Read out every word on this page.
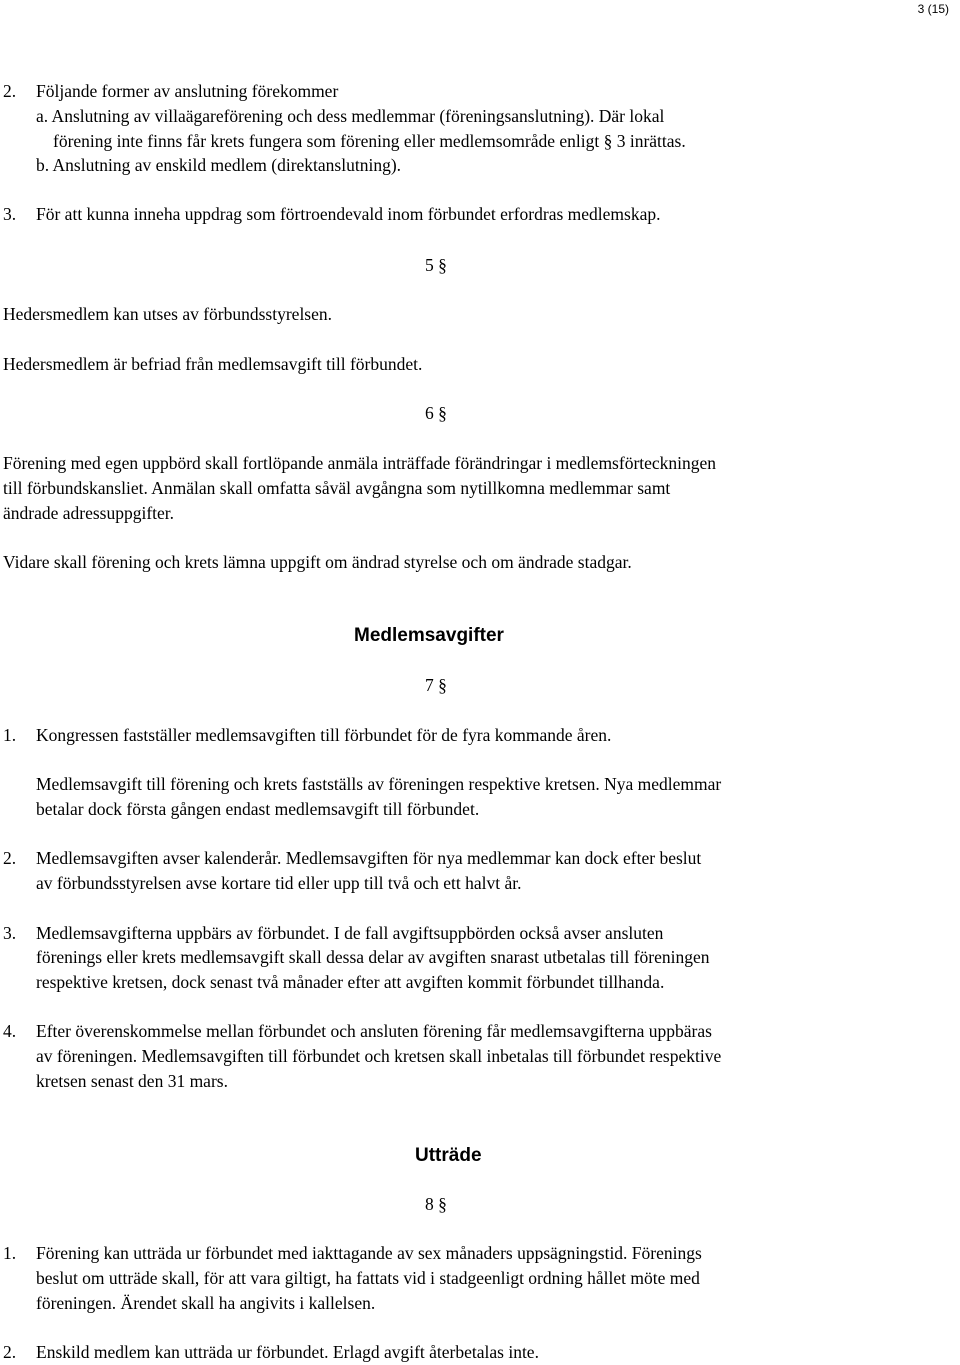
3 (15)
2. Följande former av anslutning förekommer
a. Anslutning av villaägareförening och dess medlemmar (föreningsanslutning). Där lokal
förening inte finns får krets fungera som förening eller medlemsområde enligt § 3 inrättas.
b. Anslutning av enskild medlem (direktanslutning).
3. För att kunna inneha uppdrag som förtroendevald inom förbundet erfordras medlemskap.
5 §
Hedersmedlem kan utses av förbundsstyrelsen.
Hedersmedlem är befriad från medlemsavgift till förbundet.
6 §
Förening med egen uppbörd skall fortlöpande anmäla inträffade förändringar i medlemsförteckningen
till förbundskansliet. Anmälan skall omfatta såväl avgångna som nytillkomna medlemmar samt
ändrade adressuppgifter.
Vidare skall förening och krets lämna uppgift om ändrad styrelse och om ändrade stadgar.
Medlemsavgifter
7 §
1. Kongressen fastställer medlemsavgiften till förbundet för de fyra kommande åren.
Medlemsavgift till förening och krets fastställs av föreningen respektive kretsen. Nya medlemmar
betalar dock första gången endast medlemsavgift till förbundet.
2. Medlemsavgiften avser kalenderår. Medlemsavgiften för nya medlemmar kan dock efter beslut
av förbundsstyrelsen avse kortare tid eller upp till två och ett halvt år.
3. Medlemsavgifterna uppbärs av förbundet. I de fall avgiftsuppbörden också avser ansluten
förenings eller krets medlemsavgift skall dessa delar av avgiften snarast utbetalas till föreningen
respektive kretsen, dock senast två månader efter att avgiften kommit förbundet tillhanda.
4. Efter överenskommelse mellan förbundet och ansluten förening får medlemsavgifterna uppbäras
av föreningen. Medlemsavgiften till förbundet och kretsen skall inbetalas till förbundet respektive
kretsen senast den 31 mars.
Utträde
8 §
1. Förening kan utträda ur förbundet med iakttagande av sex månaders uppsägningstid. Förenings
beslut om utträde skall, för att vara giltigt, ha fattats vid i stadgeenligt ordning hållet möte med
föreningen. Ärendet skall ha angivits i kallelsen.
2. Enskild medlem kan utträda ur förbundet. Erlagd avgift återbetalas inte.
